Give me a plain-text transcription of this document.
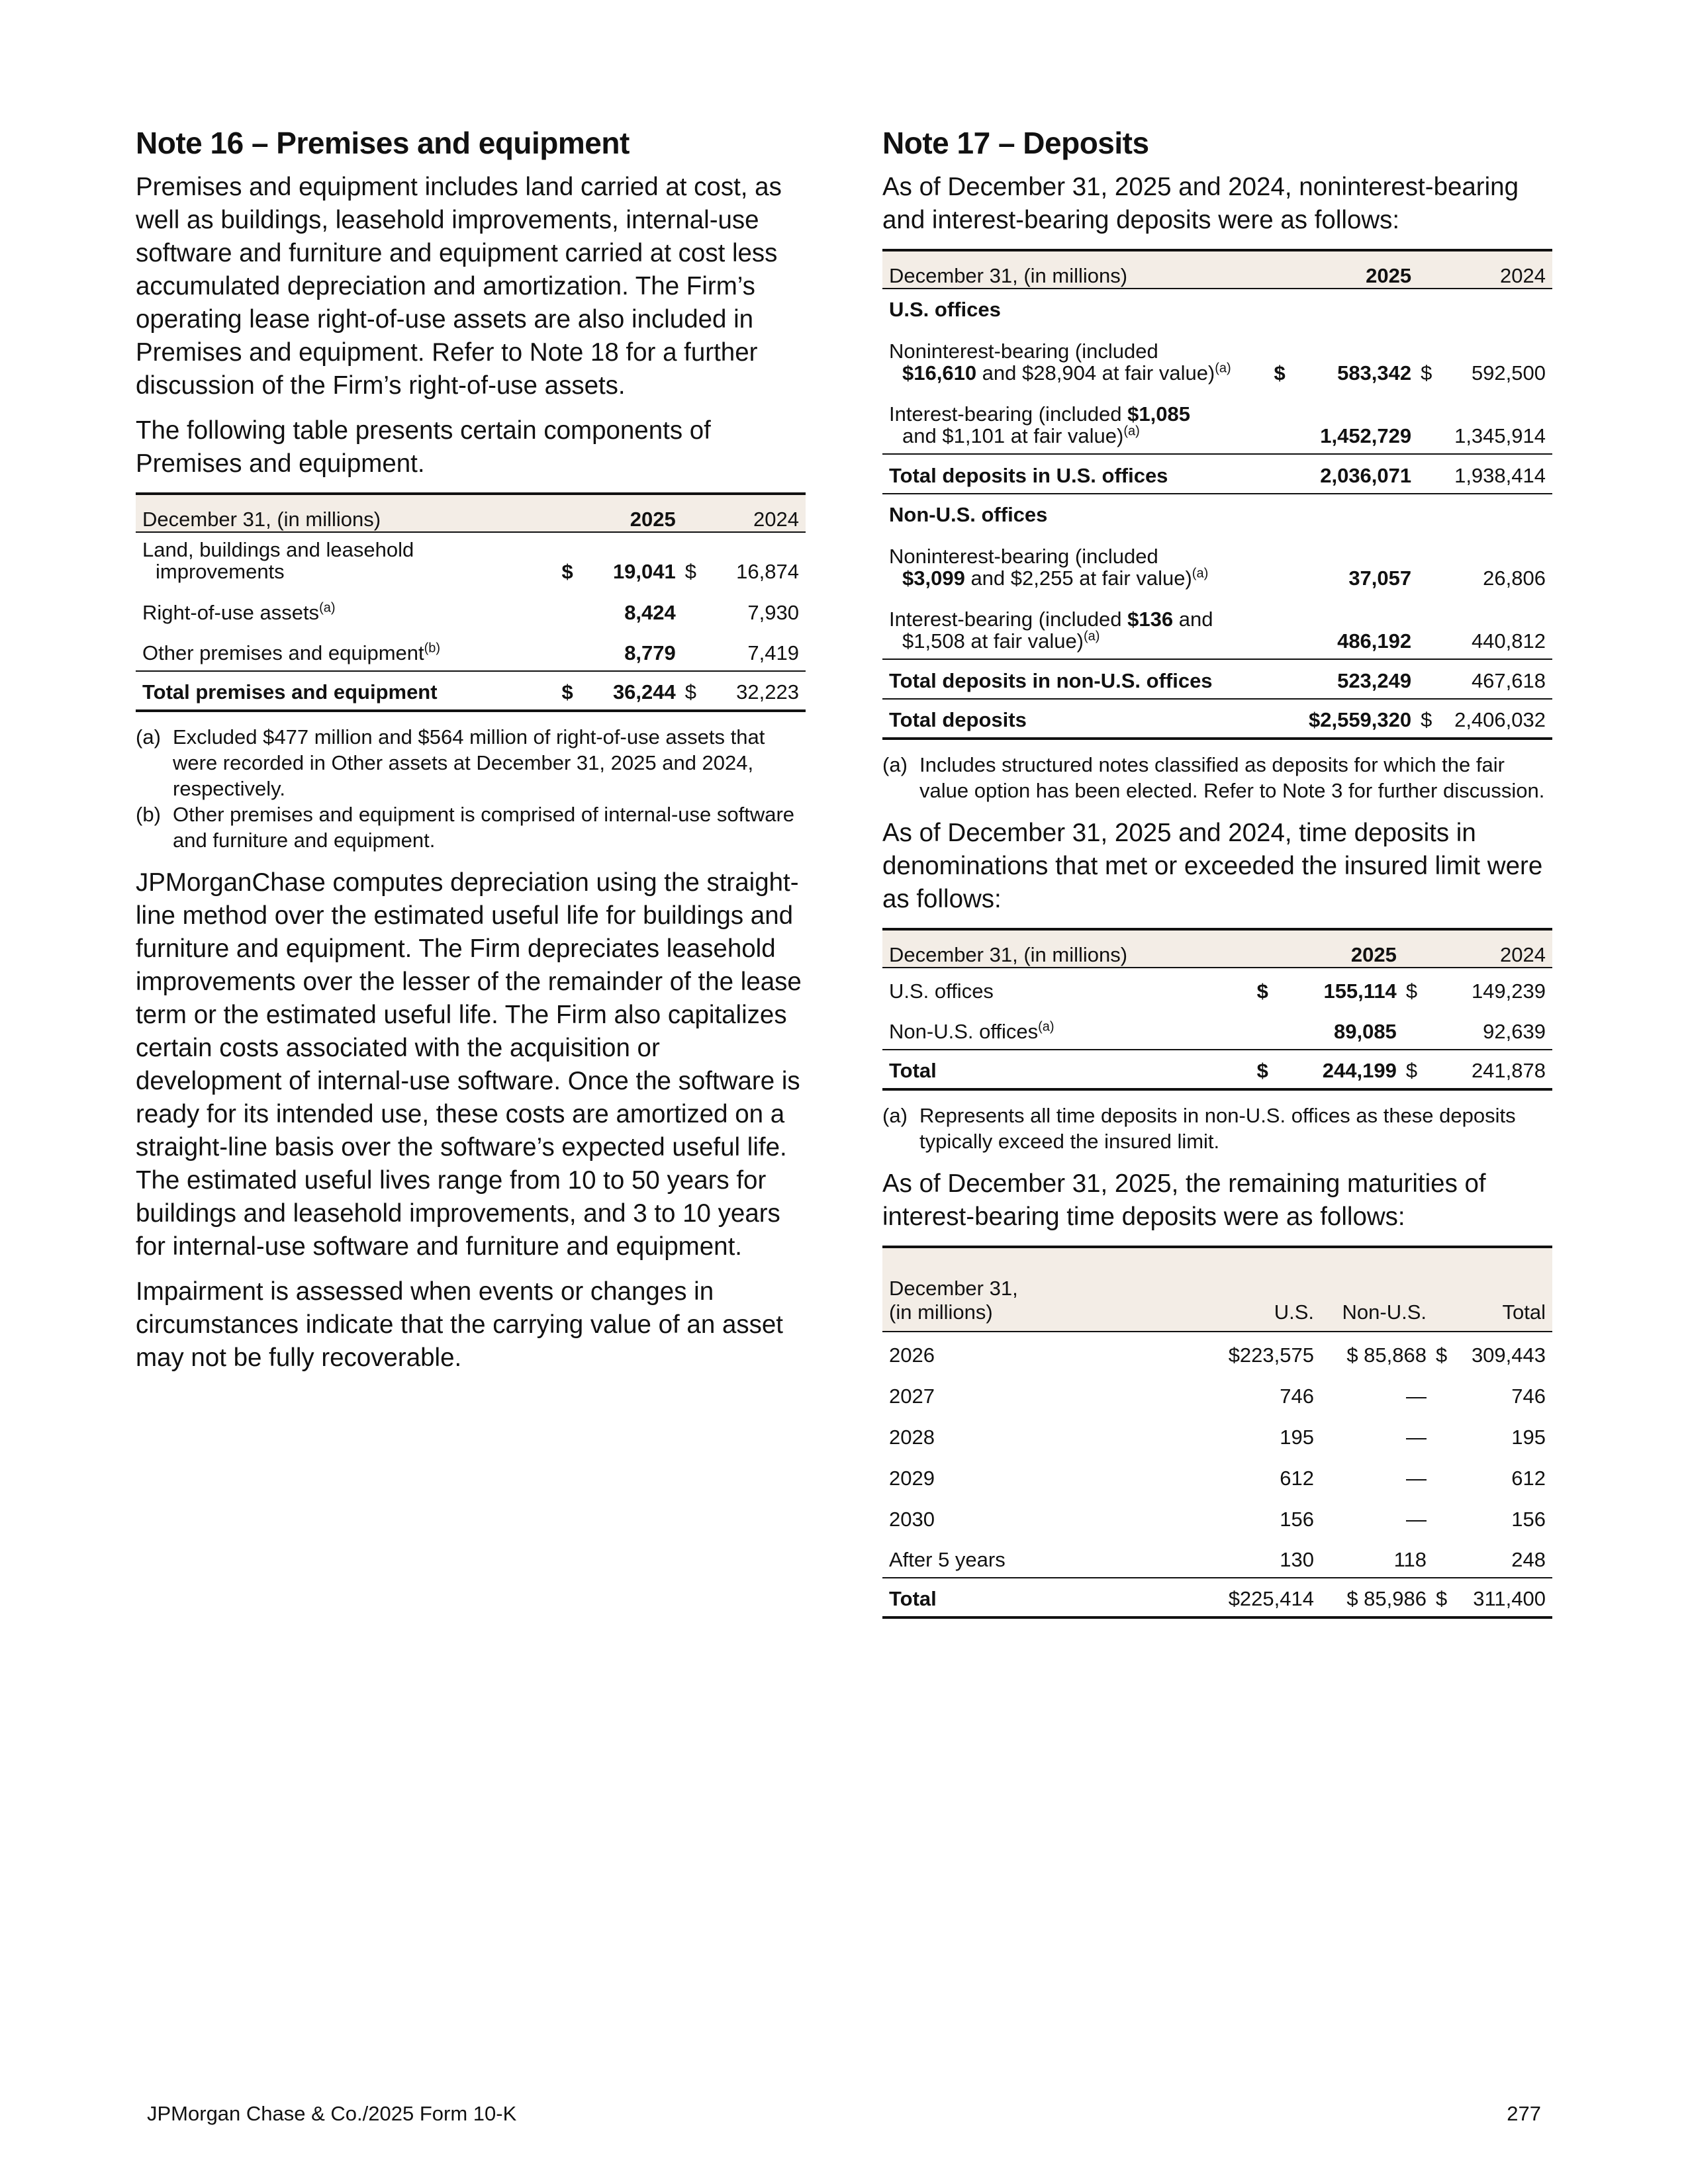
Note 16 – Premises and equipment

Premises and equipment includes land carried at cost, as well as buildings, leasehold improvements, internal-use software and furniture and equipment carried at cost less accumulated depreciation and amortization. The Firm’s operating lease right-of-use assets are also included in Premises and equipment. Refer to Note 18 for a further discussion of the Firm’s right-of-use assets.

The following table presents certain components of Premises and equipment.

December 31, (in millions)		2025		2024
Land, buildings and leasehold
improvements	$	19,041	$	16,874
Right-of-use assets$^{(a)}$		8,424		7,930
Other premises and equipment$^{(b)}$		8,779		7,419
Total premises and equipment	$	36,244	$	32,223
(a) Excluded $477 million and $564 million of right-of-use assets that were recorded in Other assets at December 31, 2025 and 2024, respectively.
(b) Other premises and equipment is comprised of internal-use software and furniture and equipment.

JPMorganChase computes depreciation using the straight-line method over the estimated useful life for buildings and furniture and equipment. The Firm depreciates leasehold improvements over the lesser of the remainder of the lease term or the estimated useful life. The Firm also capitalizes certain costs associated with the acquisition or development of internal-use software. Once the software is ready for its intended use, these costs are amortized on a straight-line basis over the software’s expected useful life. The estimated useful lives range from 10 to 50 years for buildings and leasehold improvements, and 3 to 10 years for internal-use software and furniture and equipment.

Impairment is assessed when events or changes in circumstances indicate that the carrying value of an asset may not be fully recoverable.

Note 17 – Deposits

As of December 31, 2025 and 2024, noninterest-bearing and interest-bearing deposits were as follows:

December 31, (in millions)		2025		2024
U.S. offices				
Noninterest-bearing (included
$16,610 and $28,904 at fair value)$^{(a)}$	$	583,342	$	592,500
Interest-bearing (included $1,085
and $1,101 at fair value)$^{(a)}$		1,452,729		1,345,914
Total deposits in U.S. offices		2,036,071		1,938,414
Non-U.S. offices				
Noninterest-bearing (included
$3,099 and $2,255 at fair value)$^{(a)}$		37,057		26,806
Interest-bearing (included $136 and
$1,508 at fair value)$^{(a)}$		486,192		440,812
Total deposits in non-U.S. offices		523,249		467,618
Total deposits		$2,559,320	$	2,406,032
(a) Includes structured notes classified as deposits for which the fair value option has been elected. Refer to Note 3 for further discussion.

As of December 31, 2025 and 2024, time deposits in denominations that met or exceeded the insured limit were as follows:

December 31, (in millions)		2025		2024
U.S. offices	$	155,114	$	149,239
Non-U.S. offices$^{(a)}$		89,085		92,639
Total	$	244,199	$	241,878
(a) Represents all time deposits in non-U.S. offices as these deposits typically exceed the insured limit.

As of December 31, 2025, the remaining maturities of interest-bearing time deposits were as follows:

December 31,
(in millions)	U.S.	Non-U.S.		Total
2026	$223,575	$ 85,868	$	309,443
2027	746	—		746
2028	195	—		195
2029	612	—		612
2030	156	—		156
After 5 years	130	118		248
Total	$225,414	$ 85,986	$	311,400
JPMorgan Chase & Co./2025 Form 10-K	277
